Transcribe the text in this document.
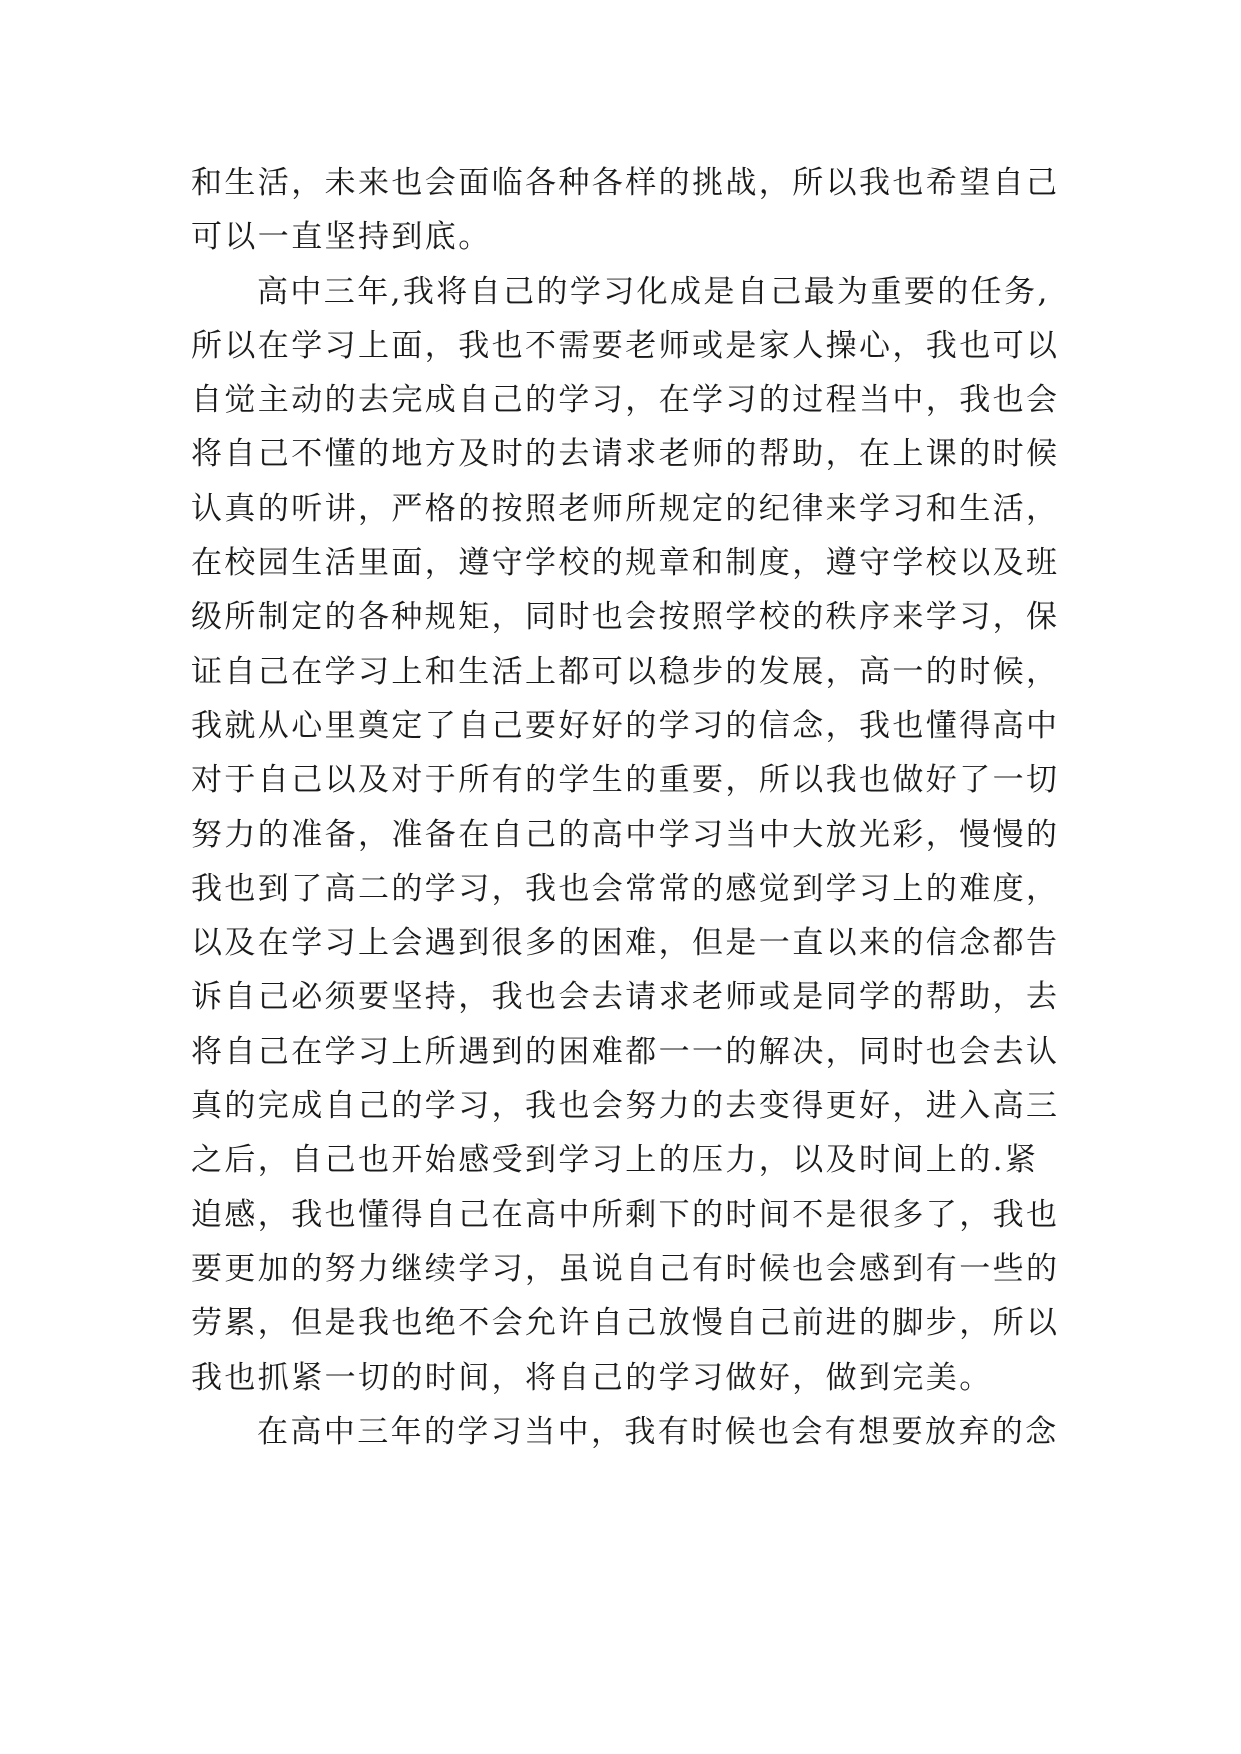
和生活，未来也会面临各种各样的挑战，所以我也希望自己
可以一直坚持到底。
高中三年,我将自己的学习化成是自己最为重要的任务,
所以在学习上面，我也不需要老师或是家人操心，我也可以
自觉主动的去完成自己的学习，在学习的过程当中，我也会
将自己不懂的地方及时的去请求老师的帮助，在上课的时候
认真的听讲，严格的按照老师所规定的纪律来学习和生活，
在校园生活里面，遵守学校的规章和制度，遵守学校以及班
级所制定的各种规矩，同时也会按照学校的秩序来学习，保
证自己在学习上和生活上都可以稳步的发展，高一的时候，
我就从心里奠定了自己要好好的学习的信念，我也懂得高中
对于自己以及对于所有的学生的重要，所以我也做好了一切
努力的准备，准备在自己的高中学习当中大放光彩，慢慢的
我也到了高二的学习，我也会常常的感觉到学习上的难度，
以及在学习上会遇到很多的困难，但是一直以来的信念都告
诉自己必须要坚持，我也会去请求老师或是同学的帮助，去
将自己在学习上所遇到的困难都一一的解决，同时也会去认
真的完成自己的学习，我也会努力的去变得更好，进入高三
之后，自己也开始感受到学习上的压力，以及时间上的.紧
迫感，我也懂得自己在高中所剩下的时间不是很多了，我也
要更加的努力继续学习，虽说自己有时候也会感到有一些的
劳累，但是我也绝不会允许自己放慢自己前进的脚步，所以
我也抓紧一切的时间，将自己的学习做好，做到完美。
在高中三年的学习当中，我有时候也会有想要放弃的念
